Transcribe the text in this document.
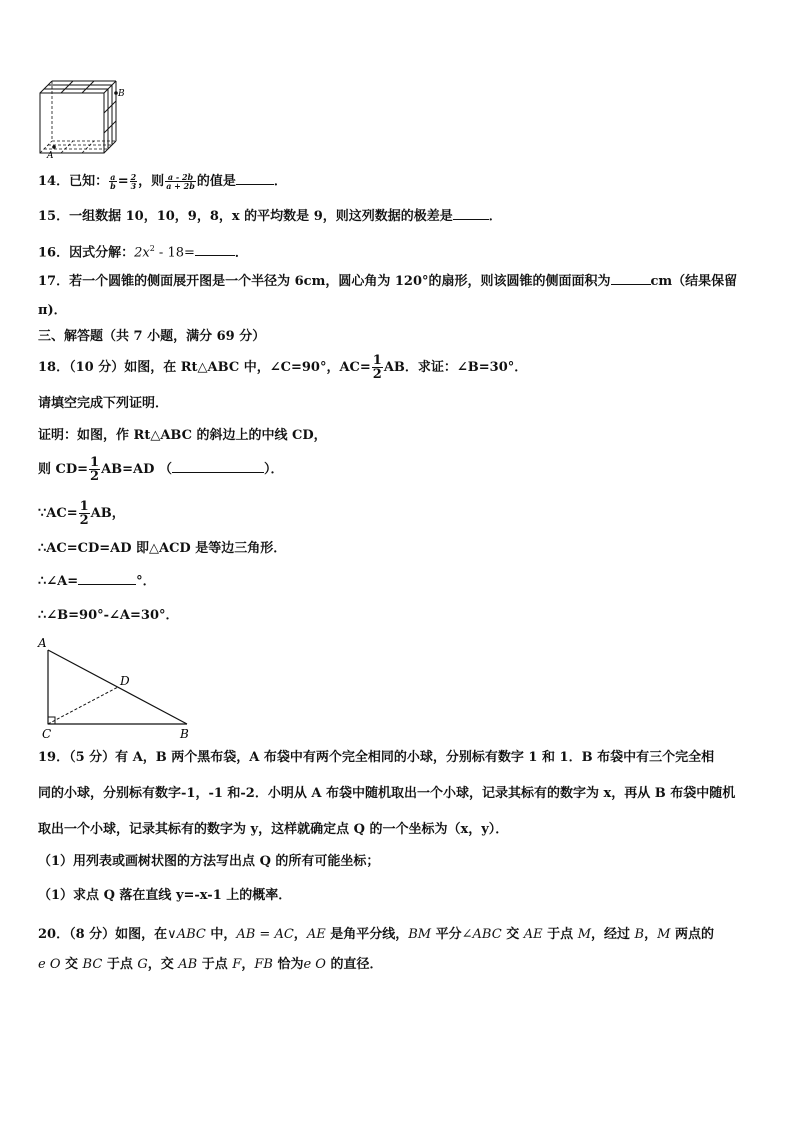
A
B
14．已知： $\frac{a}{b} = \frac{2}{3}$ ，则 $\frac{a - 2b}{a + 2b}$ 的值是	．
15．一组数据 10，10，9，8，x 的平均数是 9，则这列数据的极差是	．
16．因式分解：$2x^2 - 18=$	．
17．若一个圆锥的侧面展开图是一个半径为 6cm，圆心角为 120°的扇形，则该圆锥的侧面面积为	cm（结果保留
π)．
三、解答题（共 7 小题，满分 69 分）
18．（10 分）如图，在 Rt△ABC 中，∠C=90°，$AC= \frac{1}{2}$ AB．求证：∠B=30°．
请填空完成下列证明．
证明：如图，作 Rt△ABC 的斜边上的中线 CD，
则 $CD= \frac{1}{2} AB=AD$ （	）．
∵AC= $\frac{1}{2}$ AB，
∴AC=CD=AD 即△ACD 是等边三角形．
∴∠A=	°．
∴∠B=90°-∠A=30°．
A
C
D
B
19．（5 分）有 A，B 两个黑布袋，A 布袋中有两个完全相同的小球，分别标有数字 1 和 1．B 布袋中有三个完全相
同的小球，分别标有数字-1，-1 和-2．小明从 A 布袋中随机取出一个小球，记录其标有的数字为 x，再从 B 布袋中随机
取出一个小球，记录其标有的数字为 y，这样就确定点 Q 的一个坐标为（x，y）．
（1）用列表或画树状图的方法写出点 Q 的所有可能坐标；
（1）求点 Q 落在直线 y=-x-1 上的概率．
20．（8 分）如图，在∨ABC 中，AB = AC，AE 是角平分线，BM 平分∠ABC 交 AE 于点 M，经过 B，M 两点的
e O 交 BC 于点 G，交 AB 于点 F，FB 恰为e O 的直径．
